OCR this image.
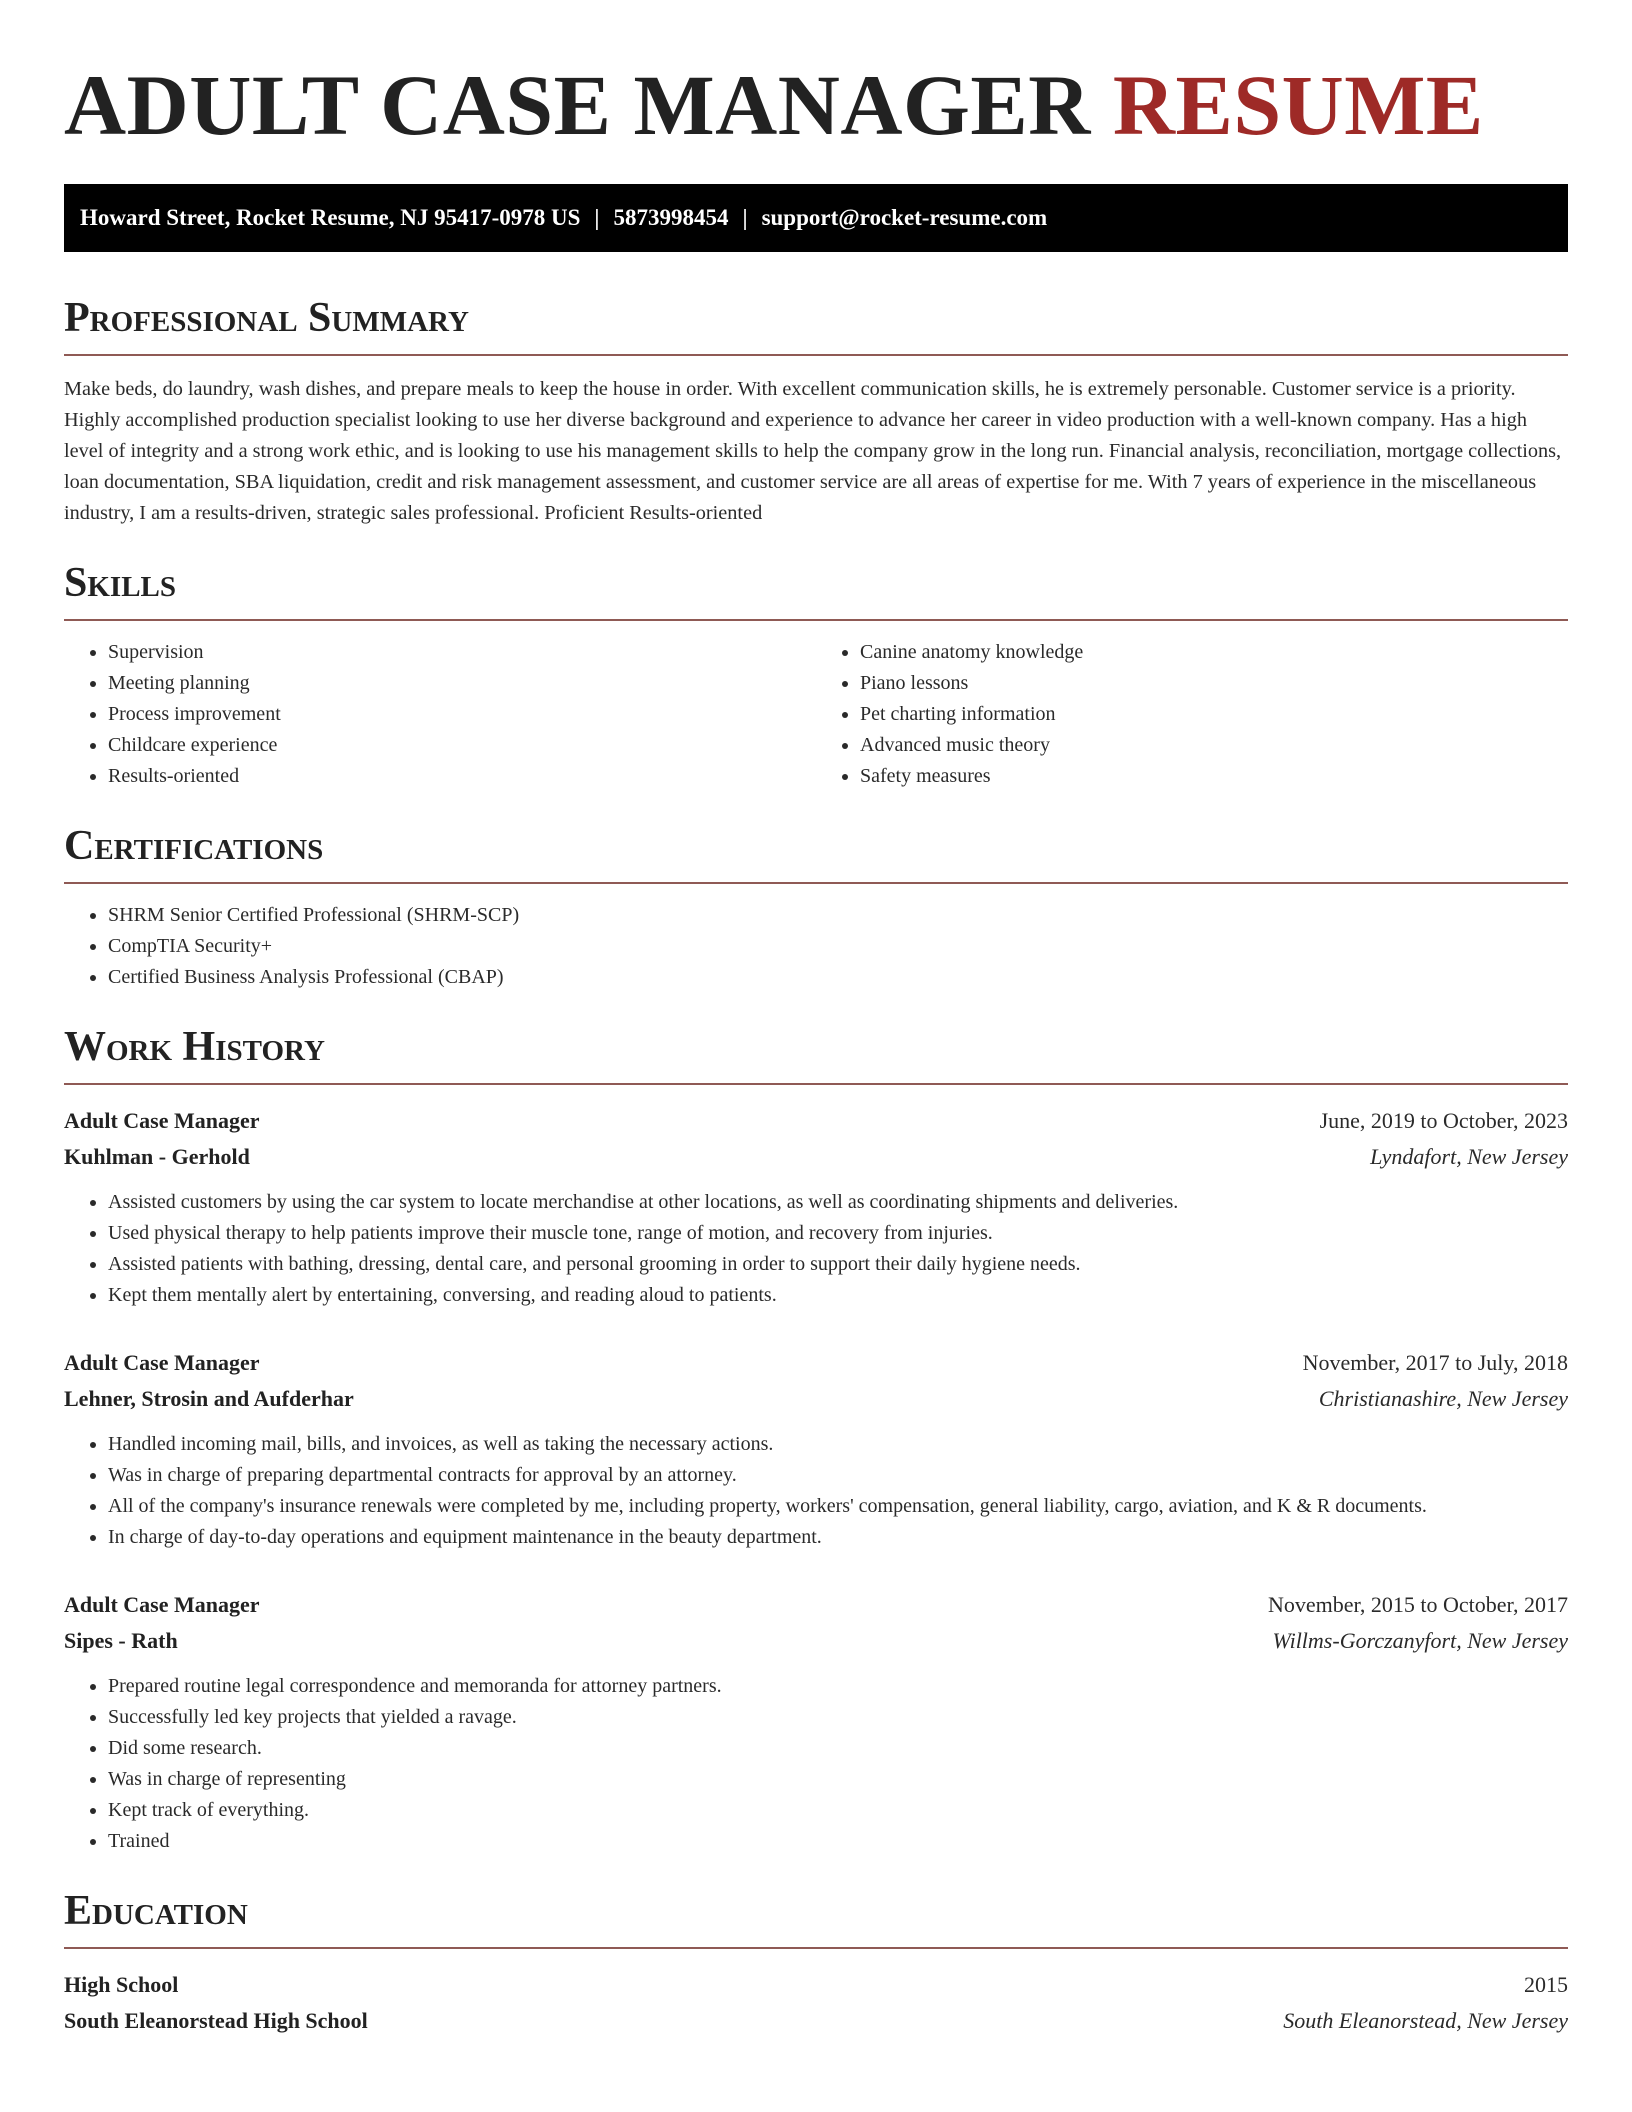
ADULT CASE MANAGER RESUME
Howard Street, Rocket Resume, NJ 95417-0978 US | 5873998454 | support@rocket-resume.com
Professional Summary

Make beds, do laundry, wash dishes, and prepare meals to keep the house in order. With excellent communication skills, he is extremely personable. Customer service is a priority. Highly accomplished production specialist looking to use her diverse background and experience to advance her career in video production with a well-known company. Has a high level of integrity and a strong work ethic, and is looking to use his management skills to help the company grow in the long run. Financial analysis, reconciliation, mortgage collections, loan documentation, SBA liquidation, credit and risk management assessment, and customer service are all areas of expertise for me. With 7 years of experience in the miscellaneous industry, I am a results-driven, strategic sales professional. Proficient Results-oriented

Skills
• Supervision
• Meeting planning
• Process improvement
• Childcare experience
• Results-oriented
• Canine anatomy knowledge
• Piano lessons
• Pet charting information
• Advanced music theory
• Safety measures
Certifications
• SHRM Senior Certified Professional (SHRM-SCP)
• CompTIA Security+
• Certified Business Analysis Professional (CBAP)
Work History
Adult Case Manager	June, 2019 to October, 2023
Kuhlman - Gerhold	Lyndafort, New Jersey
• Assisted customers by using the car system to locate merchandise at other locations, as well as coordinating shipments and deliveries.
• Used physical therapy to help patients improve their muscle tone, range of motion, and recovery from injuries.
• Assisted patients with bathing, dressing, dental care, and personal grooming in order to support their daily hygiene needs.
• Kept them mentally alert by entertaining, conversing, and reading aloud to patients.
Adult Case Manager	November, 2017 to July, 2018
Lehner, Strosin and Aufderhar	Christianashire, New Jersey
• Handled incoming mail, bills, and invoices, as well as taking the necessary actions.
• Was in charge of preparing departmental contracts for approval by an attorney.
• All of the company's insurance renewals were completed by me, including property, workers' compensation, general liability, cargo, aviation, and K & R documents.
• In charge of day-to-day operations and equipment maintenance in the beauty department.
Adult Case Manager	November, 2015 to October, 2017
Sipes - Rath	Willms-Gorczanyfort, New Jersey
• Prepared routine legal correspondence and memoranda for attorney partners.
• Successfully led key projects that yielded a ravage.
• Did some research.
• Was in charge of representing
• Kept track of everything.
• Trained
Education
High School	2015
South Eleanorstead High School	South Eleanorstead, New Jersey
